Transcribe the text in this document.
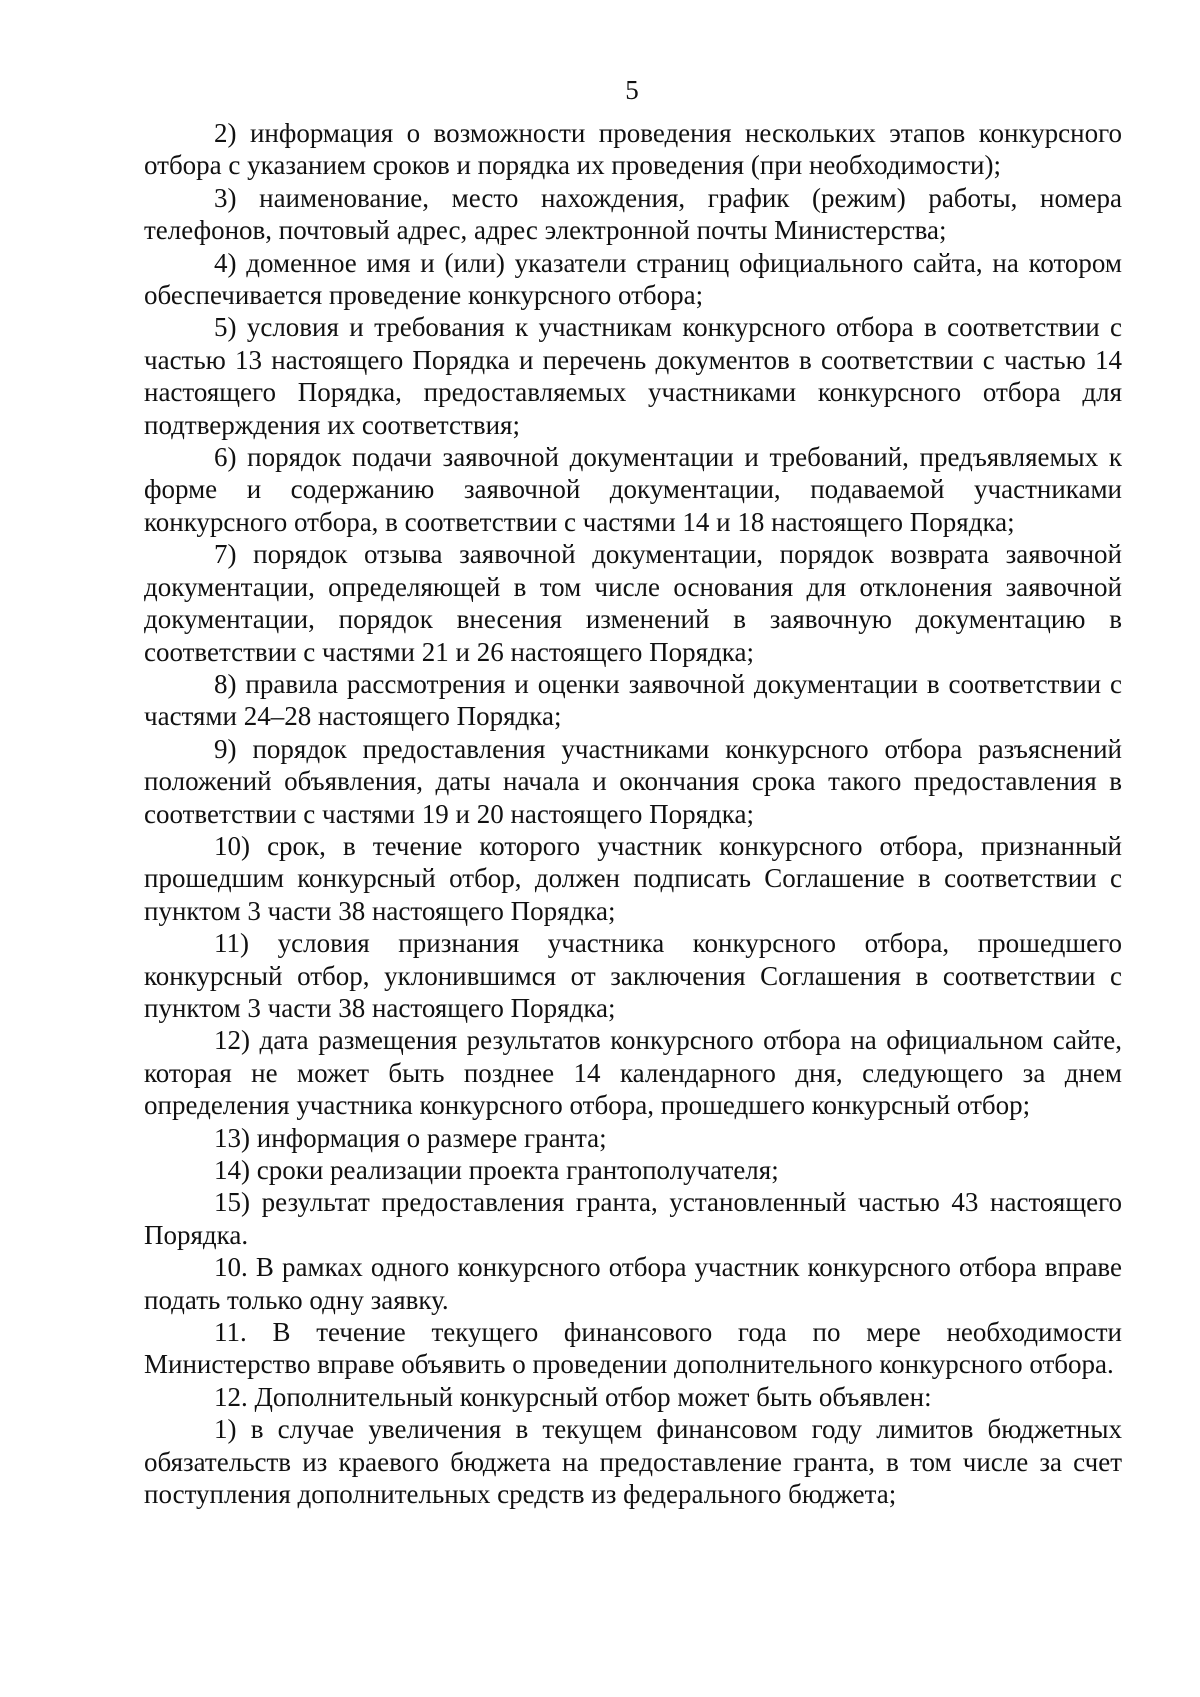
5

2) информация о возможности проведения нескольких этапов конкурсного отбора с указанием сроков и порядка их проведения (при необходимости);

3) наименование, место нахождения, график (режим) работы, номера телефонов, почтовый адрес, адрес электронной почты Министерства;

4) доменное имя и (или) указатели страниц официального сайта, на котором обеспечивается проведение конкурсного отбора;

5) условия и требования к участникам конкурсного отбора в соответствии с частью 13 настоящего Порядка и перечень документов в соответствии с частью 14 настоящего Порядка, предоставляемых участниками конкурсного отбора для подтверждения их соответствия;

6) порядок подачи заявочной документации и требований, предъявляемых к форме и содержанию заявочной документации, подаваемой участниками конкурсного отбора, в соответствии с частями 14 и 18 настоящего Порядка;

7) порядок отзыва заявочной документации, порядок возврата заявочной документации, определяющей в том числе основания для отклонения заявочной документации, порядок внесения изменений в заявочную документацию в соответствии с частями 21 и 26 настоящего Порядка;

8) правила рассмотрения и оценки заявочной документации в соответствии с частями 24–28 настоящего Порядка;

9) порядок предоставления участниками конкурсного отбора разъяснений положений объявления, даты начала и окончания срока такого предоставления в соответствии с частями 19 и 20 настоящего Порядка;

10) срок, в течение которого участник конкурсного отбора, признанный прошедшим конкурсный отбор, должен подписать Соглашение в соответствии с пунктом 3 части 38 настоящего Порядка;

11) условия признания участника конкурсного отбора, прошедшего конкурсный отбор, уклонившимся от заключения Соглашения в соответствии с пунктом 3 части 38 настоящего Порядка;

12) дата размещения результатов конкурсного отбора на официальном сайте, которая не может быть позднее 14 календарного дня, следующего за днем определения участника конкурсного отбора, прошедшего конкурсный отбор;

13) информация о размере гранта;

14) сроки реализации проекта грантополучателя;

15) результат предоставления гранта, установленный частью 43 настоящего Порядка.

10. В рамках одного конкурсного отбора участник конкурсного отбора вправе подать только одну заявку.

11. В течение текущего финансового года по мере необходимости Министерство вправе объявить о проведении дополнительного конкурсного отбора.

12. Дополнительный конкурсный отбор может быть объявлен:

1) в случае увеличения в текущем финансовом году лимитов бюджетных обязательств из краевого бюджета на предоставление гранта, в том числе за счет поступления дополнительных средств из федерального бюджета;
